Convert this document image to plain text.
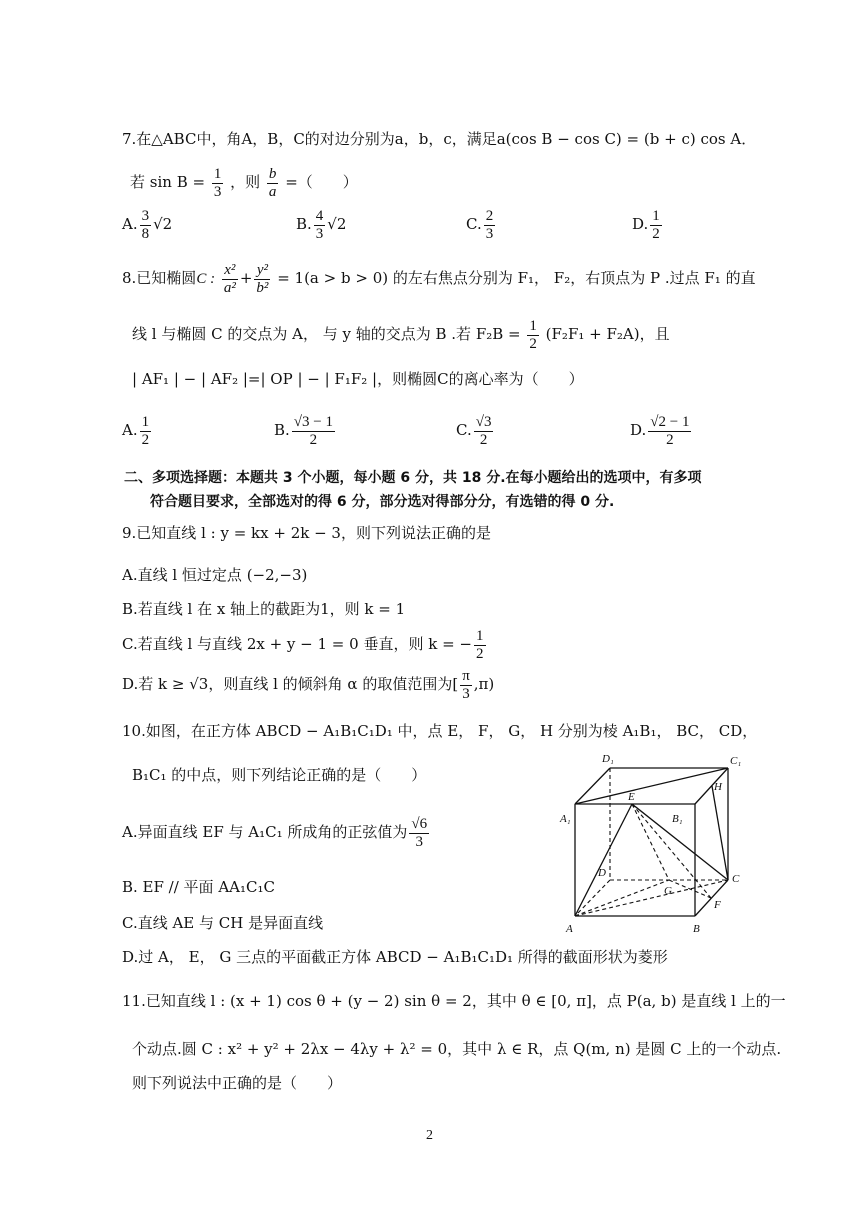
7.在△ABC中，角A，B，C的对边分别为a，b，c，满足a(cos B − cos C) = (b + c) cos A．
若 $\sin B = \frac{1}{3}$ ，则 $\frac{b}{a}$ =（　　）
A. $\frac{3}{8} √2$	B. $\frac{4}{3} √2$	C. $\frac{2}{3}$	D. $\frac{1}{2}$
8.已知椭圆C : $\frac{\text{x²}}{\text{a²}} + \frac{\text{y²}}{\text{b²}} = 1(a > b > 0)$ 的左右焦点分别为 F₁， F₂，右顶点为 P .过点 F₁ 的直
线 l 与椭圆 C 的交点为 A， 与 y 轴的交点为 B .若 $F_2B = \frac{1}{2} (F_2F_1 + F_2A)$，且
| AF₁ | − | AF₂ |=| OP | − | F₁F₂ |，则椭圆C的离心率为（　　）
A. $\frac{1}{2}$	B. $\frac{√3 - 1}{2}$	C. $\frac{√3}{2}$	D. $\frac{√2 - 1}{2}$
二、多项选择题：本题共 3 个小题，每小题 6 分，共 18 分.在每小题给出的选项中，有多项
符合题目要求，全部选对的得 6 分，部分选对得部分分，有选错的得 0 分.
9.已知直线 l : y = kx + 2k − 3，则下列说法正确的是
A.直线 l 恒过定点 (−2,−3)
B.若直线 l 在 x 轴上的截距为1，则 k = 1
C.若直线 l 与直线 2x + y − 1 = 0 垂直，则 k = − $\frac{1}{2}$
D.若 k ≥ √3，则直线 l 的倾斜角 α 的取值范围为[ $\frac{\pi}{3} ,\pi$)
10.如图，在正方体 ABCD − A₁B₁C₁D₁ 中，点 E， F， G， H 分别为棱 A₁B₁， BC， CD，
B₁C₁ 的中点，则下列结论正确的是（　　）
A.异面直线 EF 与 A₁C₁ 所成角的正弦值为 $\frac{√6}{3}$
B. EF // 平面 AA₁C₁C
C.直线 AE 与 CH 是异面直线
D.过 A， E， G 三点的平面截正方体 ABCD − A₁B₁C₁D₁ 所得的截面形状为菱形
A₁
D₁	C₁
B₁
E
H
D
G
C
F
A	B
11.已知直线 l : (x + 1) cos θ + (y − 2) sin θ = 2，其中 θ ∈ [0, π]，点 P(a, b) 是直线 l 上的一
个动点.圆 C : x² + y² + 2λx − 4λy + λ² = 0，其中 λ ∈ R，点 Q(m, n) 是圆 C 上的一个动点.
则下列说法中正确的是（　　）
2
